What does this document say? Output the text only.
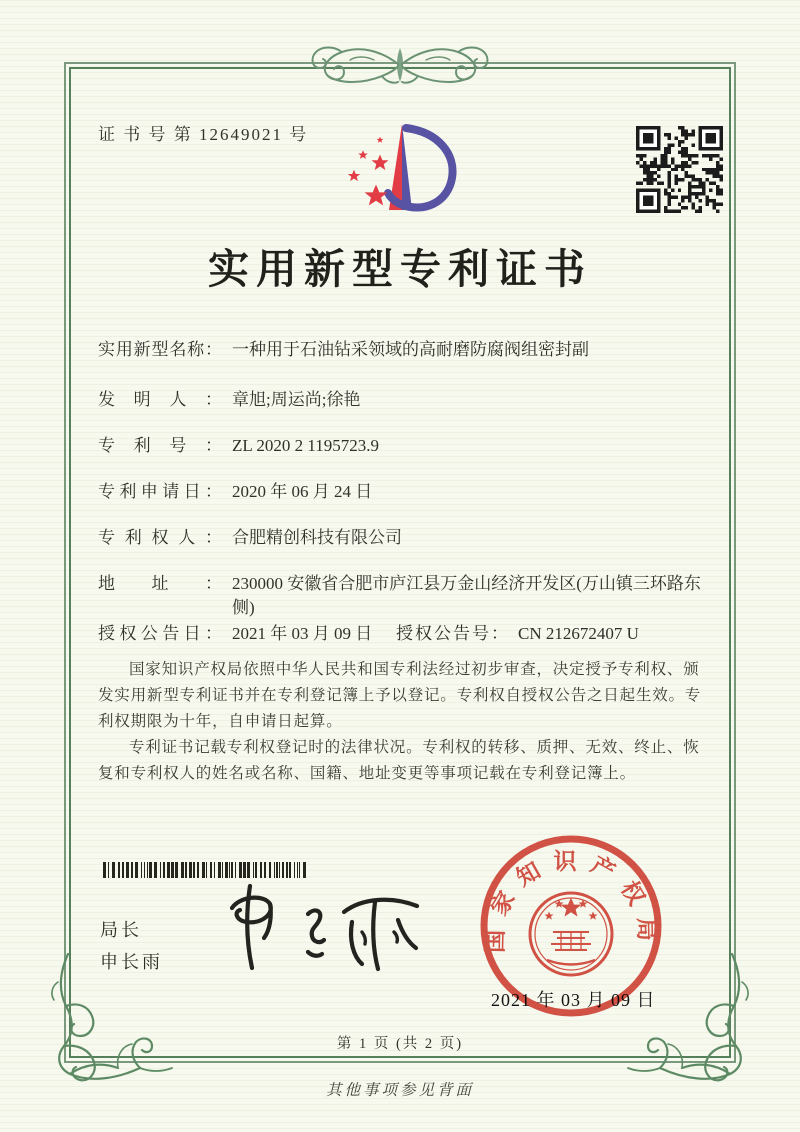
证 书 号 第 12649021 号
实用新型专利证书
实用新型名称： 一种用于石油钻采领域的高耐磨防腐阀组密封副
发明人： 章旭;周运尚;徐艳
专利号： ZL 2020 2 1195723.9
专利申请日： 2020 年 06 月 24 日
专利权人： 合肥精创科技有限公司
地址： 230000 安徽省合肥市庐江县万金山经济开发区(万山镇三环路东侧)
授权公告日： 2021 年 03 月 09 日	授权公告号： CN 212672407 U

国家知识产权局依照中华人民共和国专利法经过初步审查，决定授予专利权、颁发实用新型专利证书并在专利登记簿上予以登记。专利权自授权公告之日起生效。专利权期限为十年，自申请日起算。

专利证书记载专利权登记时的法律状况。专利权的转移、质押、无效、终止、恢复和专利权人的姓名或名称、国籍、地址变更等事项记载在专利登记簿上。

局长
申长雨
2021 年 03 月 09 日
国家知识产权局
第 1 页 (共 2 页)
其他事项参见背面
